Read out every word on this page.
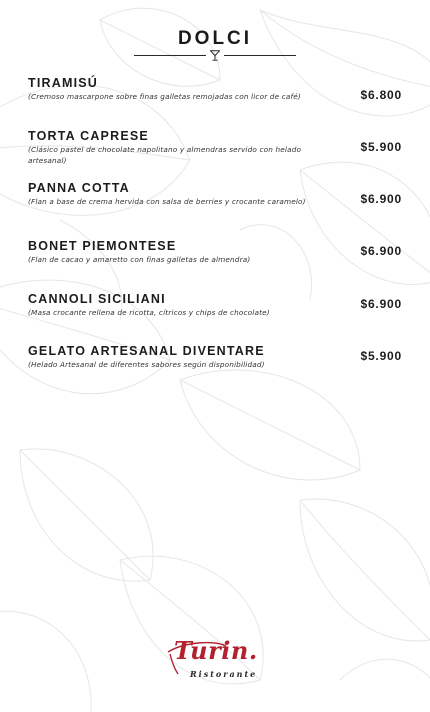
DOLCI
TIRAMISÚ
(Cremoso mascarpone sobre finas galletas remojadas con licor de café)	$6.800
TORTA CAPRESE
(Clásico pastel de chocolate napolitano y almendras servido con helado artesanal)
$5.900
PANNA COTTA
(Flan a base de crema hervida con salsa de berries y crocante caramelo)	$6.900
BONET PIEMONTESE
(Flan de cacao y amaretto con finas galletas de almendra)
$6.900
CANNOLI SICILIANI
(Masa crocante rellena de ricotta, cítricos y chips de chocolate)
$6.900
GELATO ARTESANAL DIVENTARE
(Helado Artesanal de diferentes sabores según disponibilidad)
$5.900
Turin.
Ristorante
